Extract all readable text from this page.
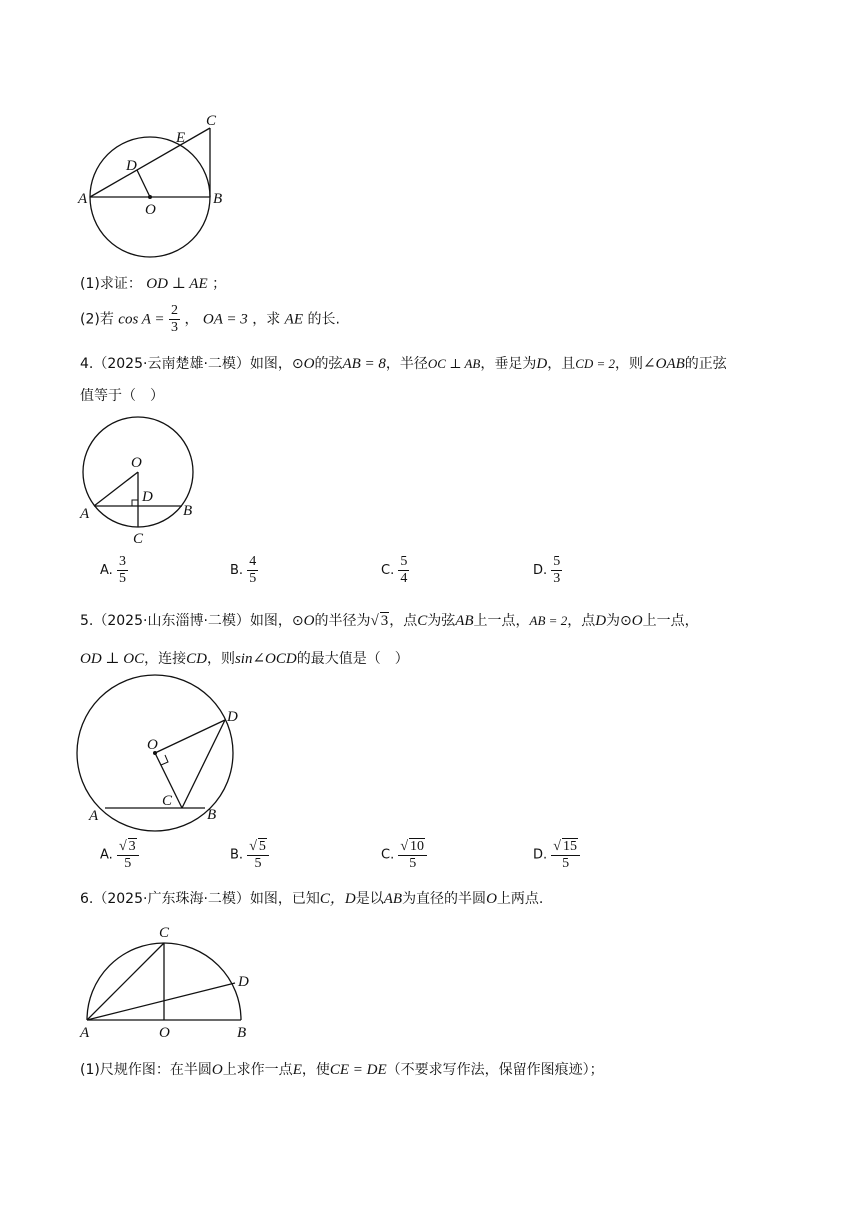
C
E
D
A
O
B
(1)求证： OD ⊥ AE ；
(2)若 $\cos A = \frac{2}{3}$ ， OA = 3 ，求 AE 的长.
4.（2025·云南楚雄·二模）如图，⊙O的弦AB = 8，半径OC ⊥ AB，垂足为D，且CD = 2，则∠OAB的正弦
值等于（　）
O
D
A	B
C
A. $\frac{3}{5}$	B. $\frac{4}{5}$	C. $\frac{5}{4}$	D. $\frac{5}{3}$
5.（2025·山东淄博·二模）如图，⊙O的半径为√ 3，点C为弦AB上一点，AB = 2，点D为⊙O上一点，
OD ⊥ OC，连接CD，则sin∠OCD的最大值是（　）
D
O
C
A	B
A. $\frac{√ 3}{5}$	B. $\frac{√ 5}{5}$	C. $\frac{√ 10}{5}$	D. $\frac{√ 15}{5}$
6.（2025·广东珠海·二模）如图，已知C，D是以AB为直径的半圆O上两点.
C
D
A	O	B
(1)尺规作图：在半圆O上求作一点E，使CE = DE（不要求写作法，保留作图痕迹）；
